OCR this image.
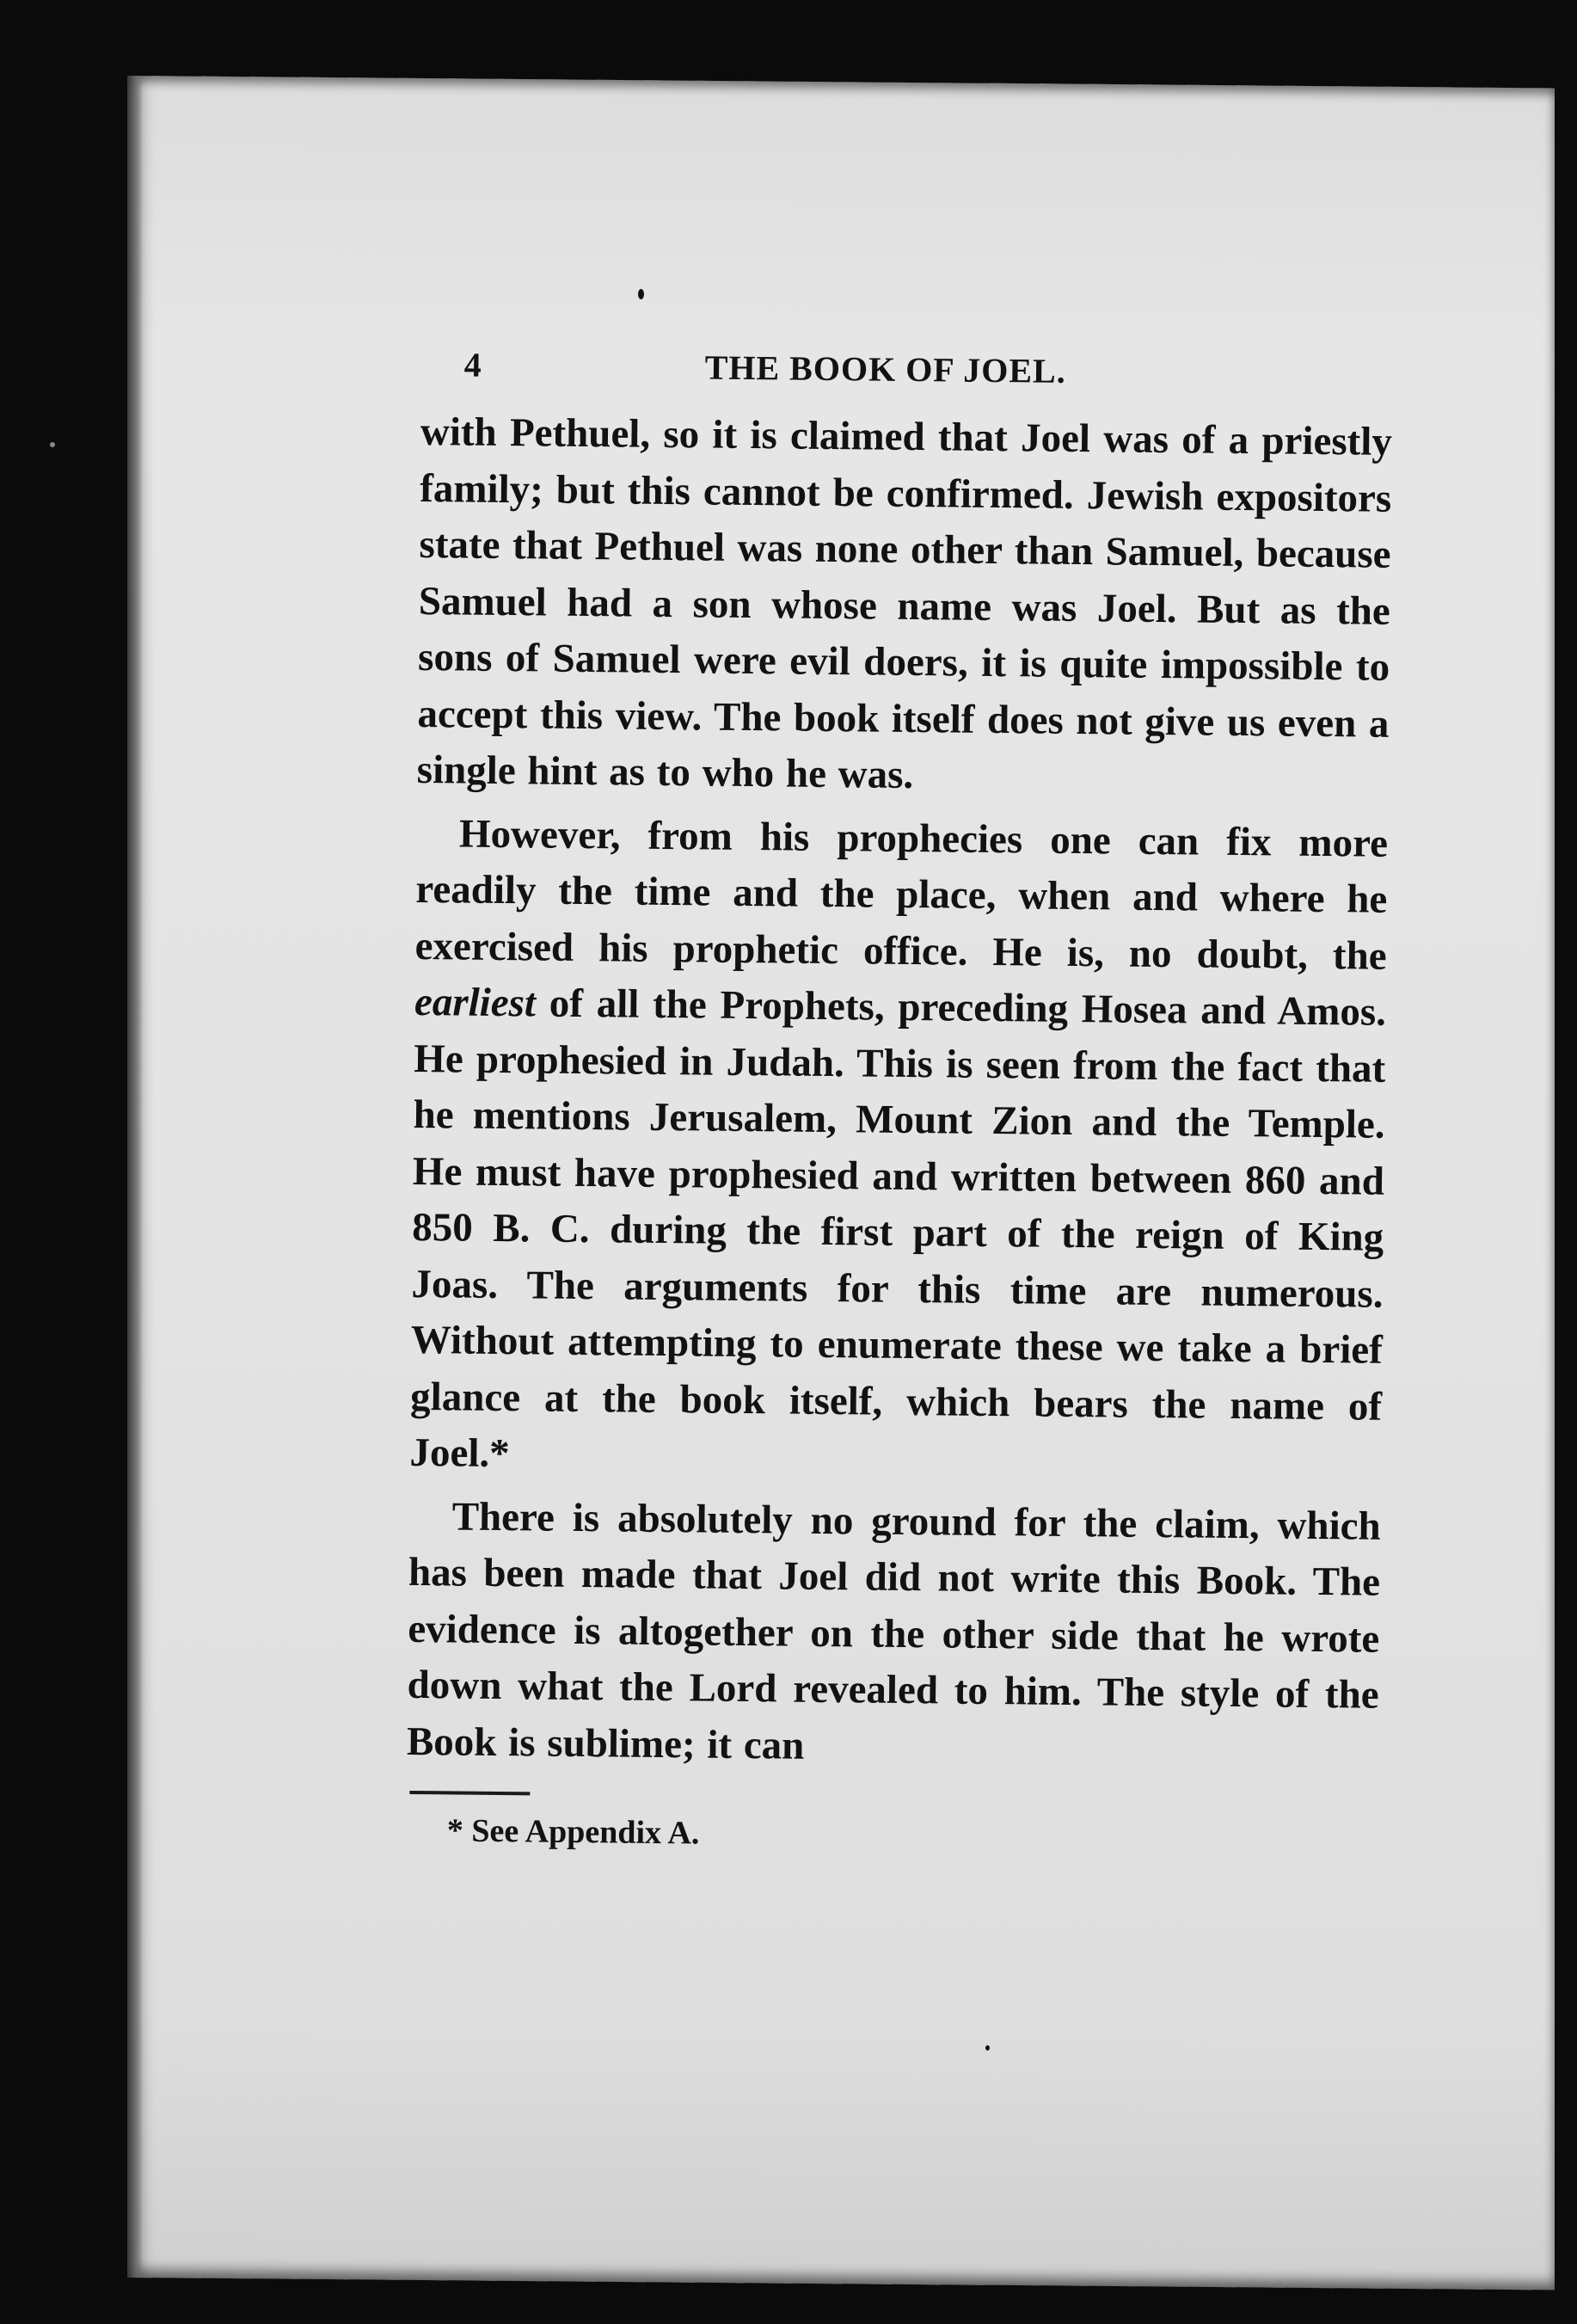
4	THE BOOK OF JOEL.

with Pethuel, so it is claimed that Joel was of a priestly family; but this cannot be confirmed. Jewish expositors state that Pethuel was none other than Samuel, because Samuel had a son whose name was Joel. But as the sons of Samuel were evil doers, it is quite impossible to accept this view. The book itself does not give us even a single hint as to who he was.

However, from his prophecies one can fix more readily the time and the place, when and where he exercised his prophetic office. He is, no doubt, the earliest of all the Prophets, preceding Hosea and Amos. He prophesied in Judah. This is seen from the fact that he mentions Jerusalem, Mount Zion and the Temple. He must have prophesied and written between 860 and 850 B. C. during the first part of the reign of King Joas. The arguments for this time are numerous. Without attempting to enumerate these we take a brief glance at the book itself, which bears the name of Joel.*

There is absolutely no ground for the claim, which has been made that Joel did not write this Book. The evidence is altogether on the other side that he wrote down what the Lord revealed to him. The style of the Book is sublime; it can

* See Appendix A.
